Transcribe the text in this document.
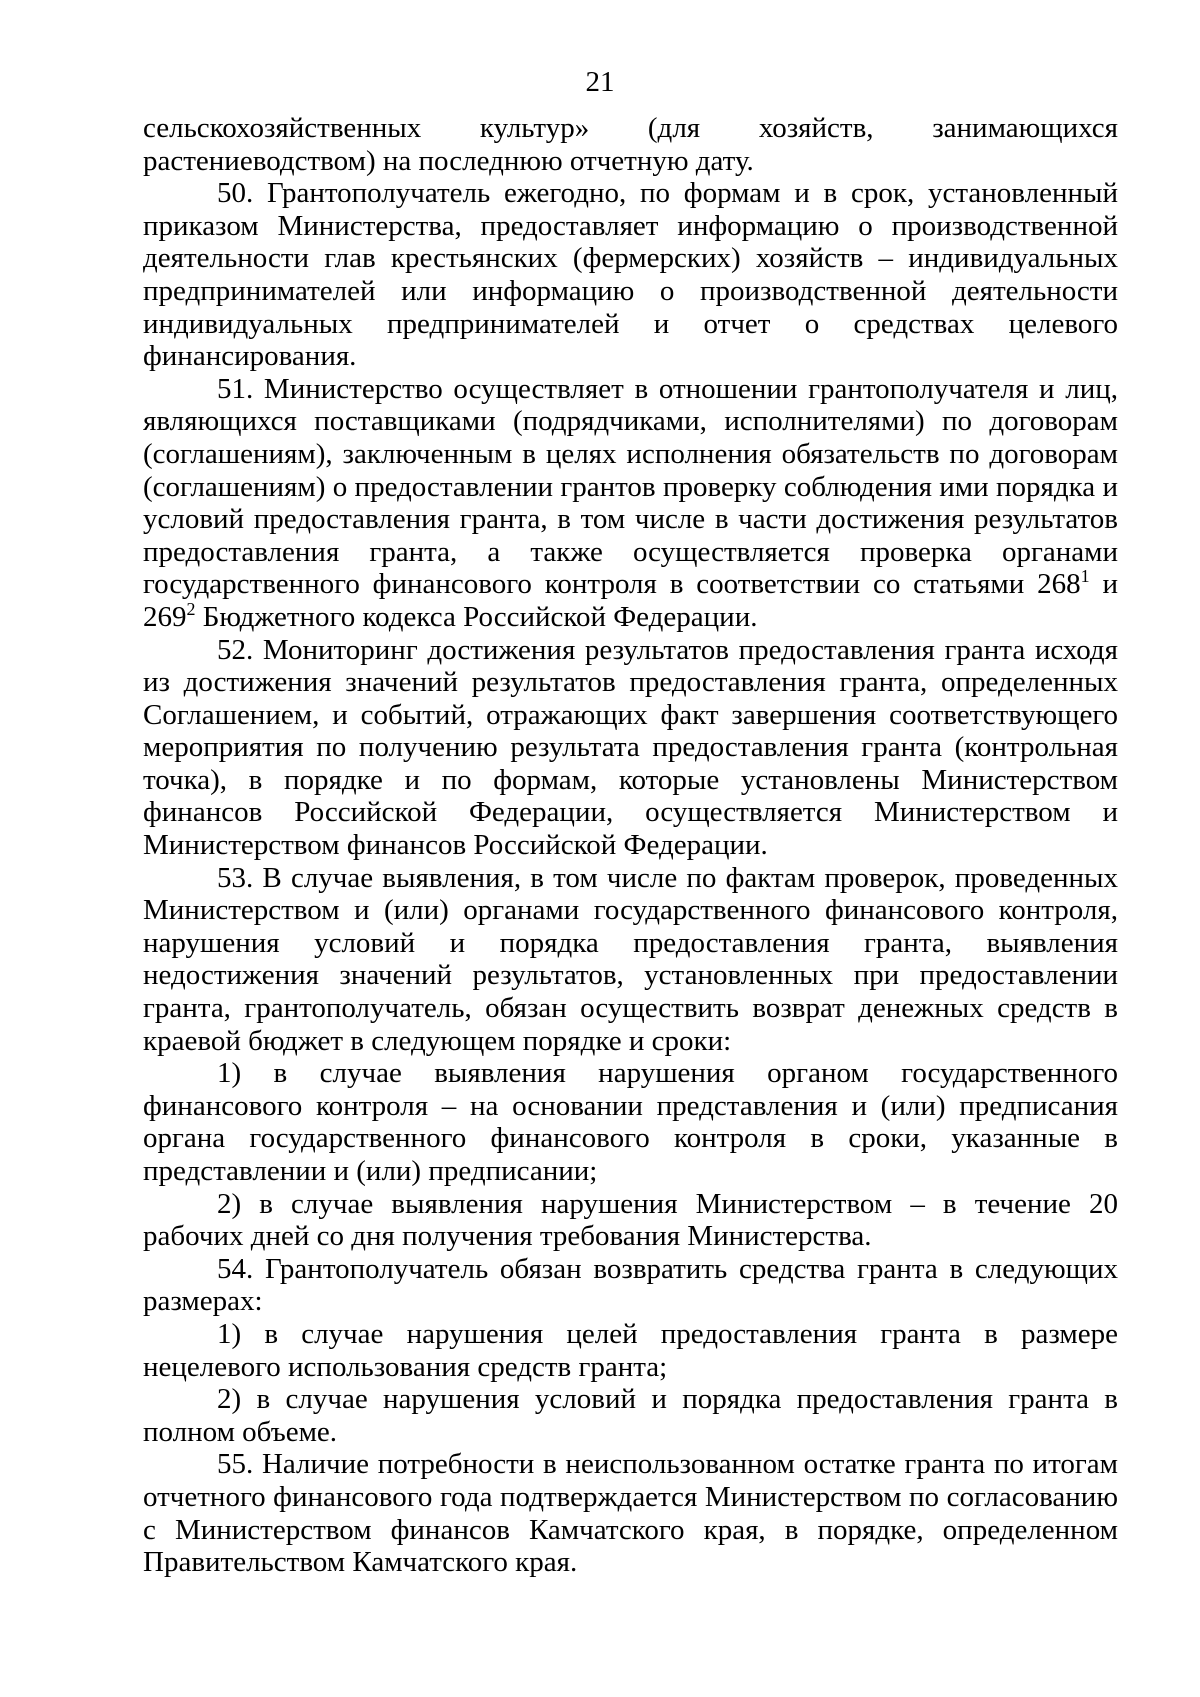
21

сельскохозяйственных культур» (для хозяйств, занимающихся
растениеводством) на последнюю отчетную дату.

50. Грантополучатель ежегодно, по формам и в срок, установленный приказом Министерства, предоставляет информацию о производственной деятельности глав крестьянских (фермерских) хозяйств – индивидуальных предпринимателей или информацию о производственной деятельности индивидуальных предпринимателей и отчет о средствах целевого финансирования.

51. Министерство осуществляет в отношении грантополучателя и лиц, являющихся поставщиками (подрядчиками, исполнителями) по договорам (соглашениям), заключенным в целях исполнения обязательств по договорам (соглашениям) о предоставлении грантов проверку соблюдения ими порядка и условий предоставления гранта, в том числе в части достижения результатов предоставления гранта, а также осуществляется проверка органами государственного финансового контроля в соответствии со статьями $268^1$ и $269^2$ Бюджетного кодекса Российской Федерации.

52. Мониторинг достижения результатов предоставления гранта исходя из достижения значений результатов предоставления гранта, определенных Соглашением, и событий, отражающих факт завершения соответствующего мероприятия по получению результата предоставления гранта (контрольная точка), в порядке и по формам, которые установлены Министерством финансов Российской Федерации, осуществляется Министерством и Министерством финансов Российской Федерации.

53. В случае выявления, в том числе по фактам проверок, проведенных Министерством и (или) органами государственного финансового контроля, нарушения условий и порядка предоставления гранта, выявления недостижения значений результатов, установленных при предоставлении гранта, грантополучатель, обязан осуществить возврат денежных средств в краевой бюджет в следующем порядке и сроки:

1) в случае выявления нарушения органом государственного финансового контроля – на основании представления и (или) предписания органа государственного финансового контроля в сроки, указанные в представлении и (или) предписании;

2) в случае выявления нарушения Министерством – в течение 20 рабочих дней со дня получения требования Министерства.

54. Грантополучатель обязан возвратить средства гранта в следующих размерах:

1) в случае нарушения целей предоставления гранта в размере нецелевого использования средств гранта;

2) в случае нарушения условий и порядка предоставления гранта в полном объеме.

55. Наличие потребности в неиспользованном остатке гранта по итогам отчетного финансового года подтверждается Министерством по согласованию с Министерством финансов Камчатского края, в порядке, определенном Правительством Камчатского края.
